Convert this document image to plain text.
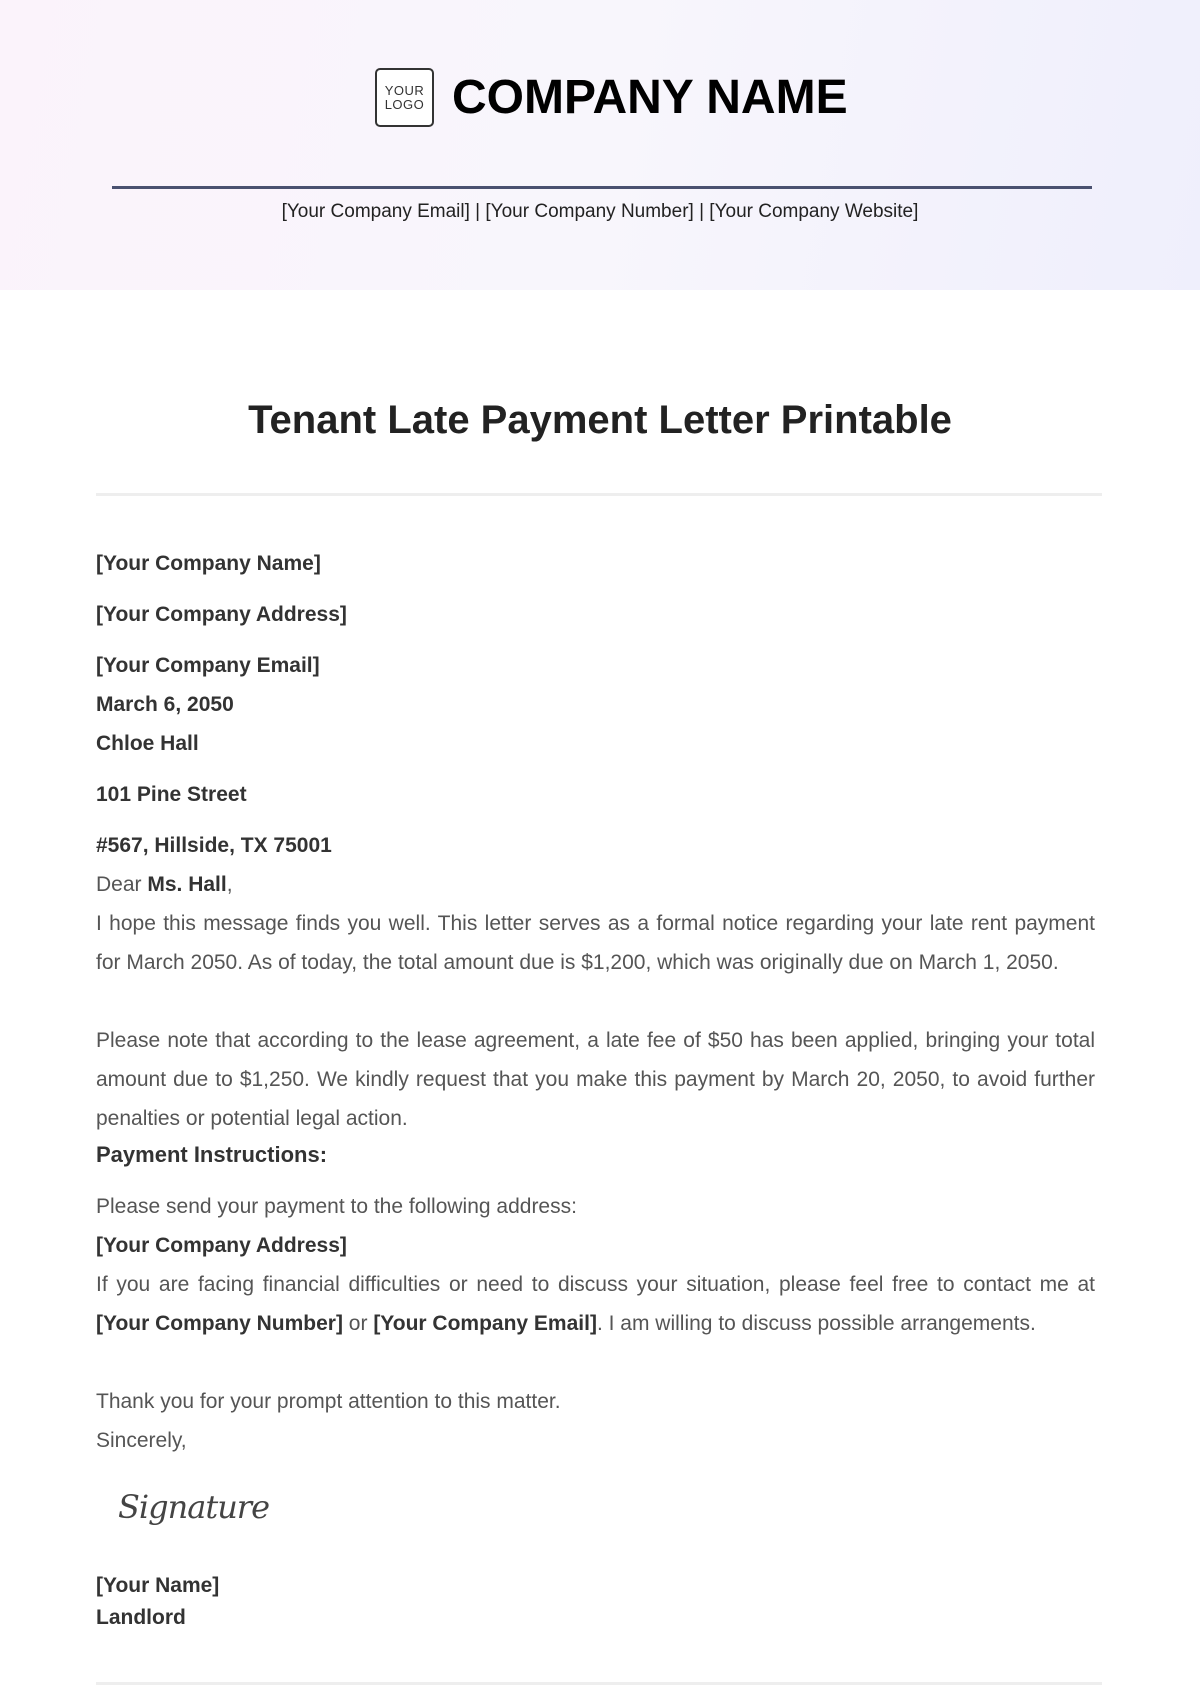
YOUR
LOGO COMPANY NAME
[Your Company Email] | [Your Company Number] | [Your Company Website]
Tenant Late Payment Letter Printable
[Your Company Name]
[Your Company Address]
[Your Company Email]
March 6, 2050
Chloe Hall
101 Pine Street
#567, Hillside, TX 75001
Dear Ms. Hall,
I hope this message finds you well. This letter serves as a formal notice regarding your late rent payment for March 2050. As of today, the total amount due is $1,200, which was originally due on March 1, 2050.
Please note that according to the lease agreement, a late fee of $50 has been applied, bringing your total amount due to $1,250. We kindly request that you make this payment by March 20, 2050, to avoid further penalties or potential legal action.
Payment Instructions:
Please send your payment to the following address:
[Your Company Address]
If you are facing financial difficulties or need to discuss your situation, please feel free to contact me at [Your Company Number] or [Your Company Email]. I am willing to discuss possible arrangements.
Thank you for your prompt attention to this matter.
Sincerely,
Signature
[Your Name]
Landlord
